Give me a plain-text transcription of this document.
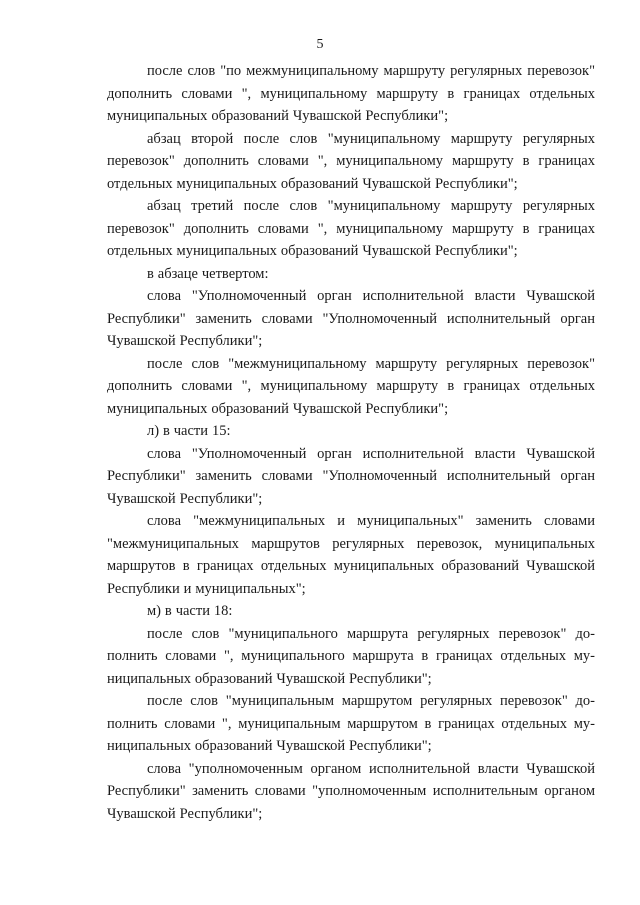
5

после слов "по межмуниципальному маршруту регулярных перевозок" дополнить словами ", муниципальному маршруту в границах отдельных муниципальных образований Чувашской Республики";

абзац второй после слов "муниципальному маршруту регулярных перевозок" дополнить словами ", муниципальному маршруту в границах отдельных муниципальных образований Чувашской Республики";

абзац третий после слов "муниципальному маршруту регулярных перевозок" дополнить словами ", муниципальному маршруту в границах отдельных муниципальных образований Чувашской Республики";

в абзаце четвертом:

слова "Уполномоченный орган исполнительной власти Чувашской Республики" заменить словами "Уполномоченный исполнительный орган Чувашской Республики";

после слов "межмуниципальному маршруту регулярных перевозок" дополнить словами ", муниципальному маршруту в границах отдельных муниципальных образований Чувашской Республики";

л) в части 15:

слова "Уполномоченный орган исполнительной власти Чувашской Республики" заменить словами "Уполномоченный исполнительный орган Чувашской Республики";

слова "межмуниципальных и муниципальных" заменить словами "межмуниципальных маршрутов регулярных перевозок, муниципальных маршрутов в границах отдельных муниципальных образований Чувашской Республики и муниципальных";

м) в части 18:

после слов "муниципального маршрута регулярных перевозок" дополнить словами ", муниципального маршрута в границах отдельных муниципальных образований Чувашской Республики";

после слов "муниципальным маршрутом регулярных перевозок" дополнить словами ", муниципальным маршрутом в границах отдельных муниципальных образований Чувашской Республики";

слова "уполномоченным органом исполнительной власти Чувашской Республики" заменить словами "уполномоченным исполнительным органом Чувашской Республики";
